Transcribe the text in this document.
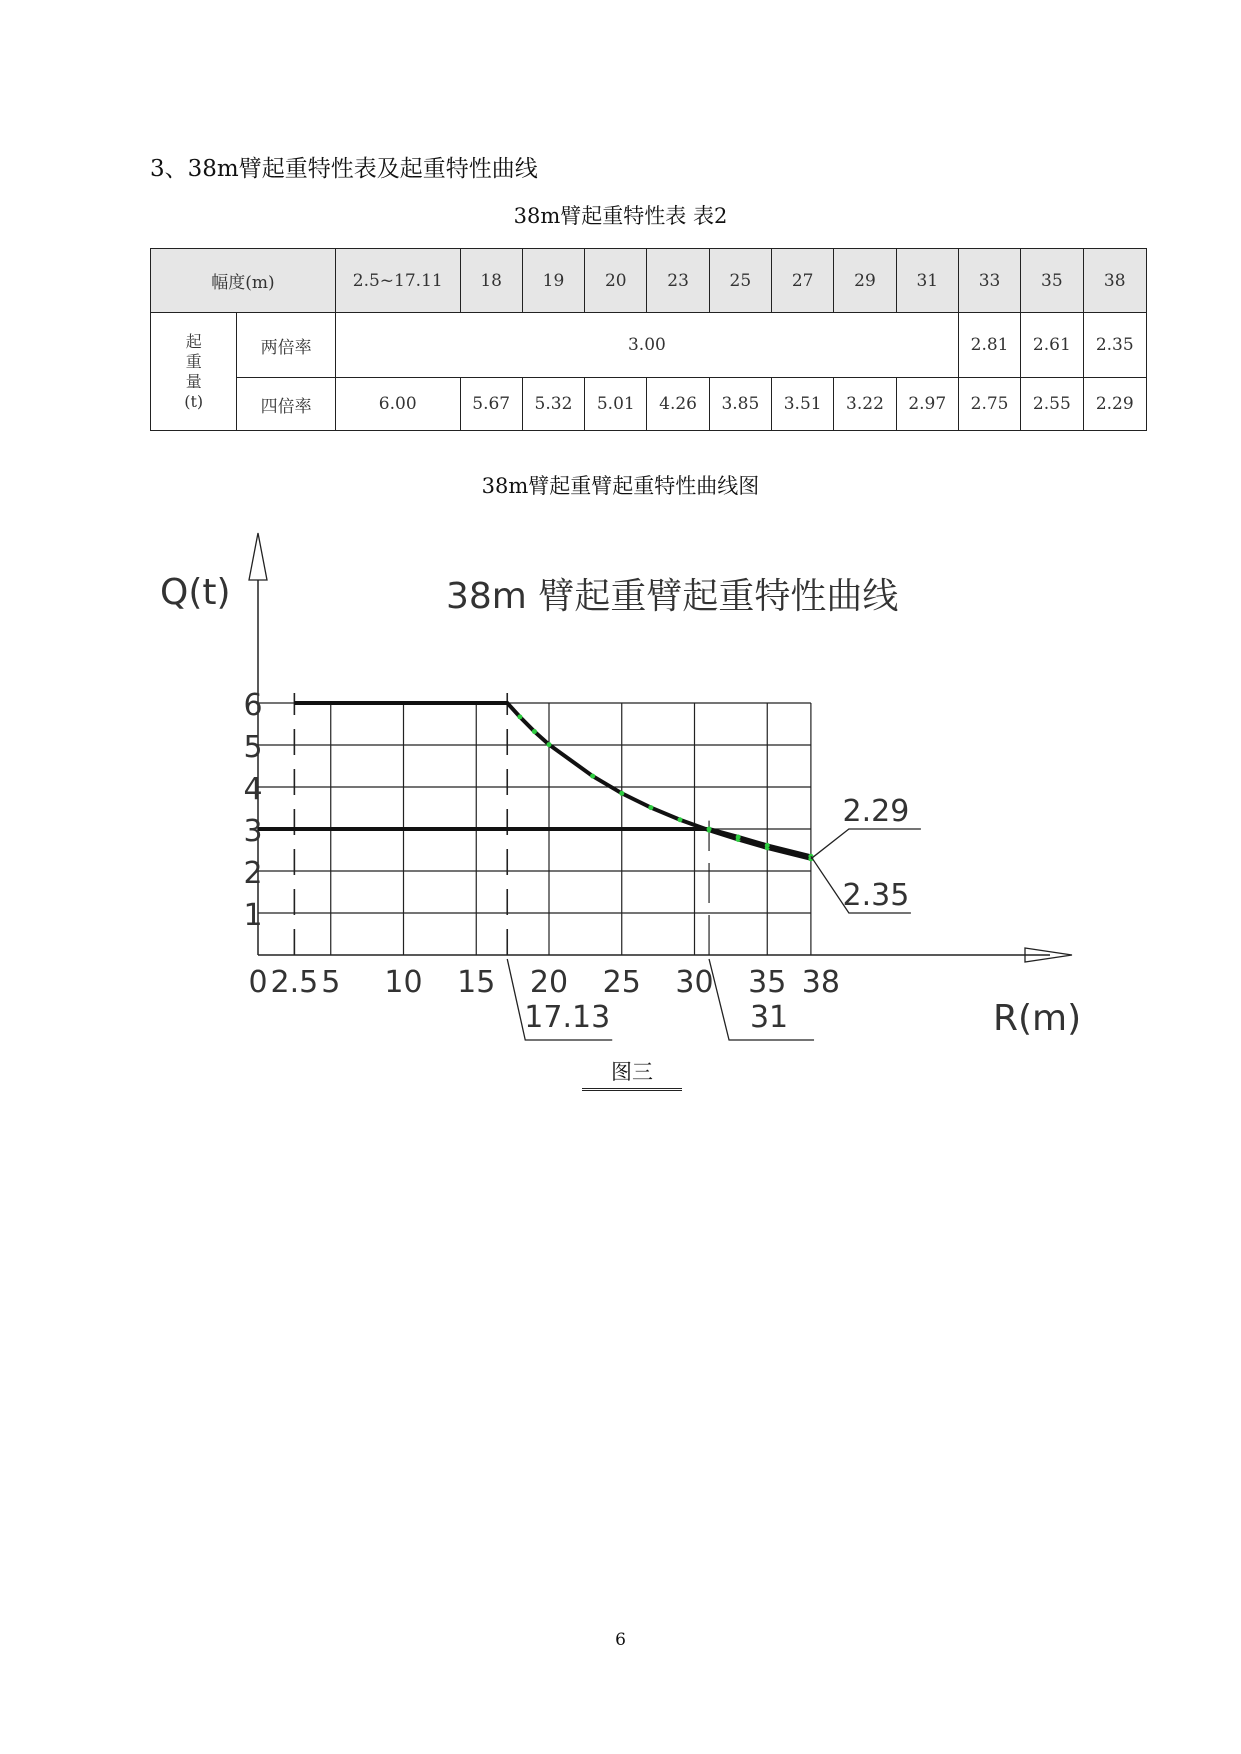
3、38m臂起重特性表及起重特性曲线
38m臂起重特性表 表2
幅度(m)		2.5~17.11	18	19	20	23	25	27	29	31	33	35	38

起
重
量
(t)	两倍率	3.00									2.81	2.61	2.35
	四倍率	6.00	5.67	5.32	5.01	4.26	3.85	3.51	3.22	2.97	2.75	2.55	2.29
38m臂起重臂起重特性曲线图
Q(t)	38m 臂起重臂起重特性曲线
R(m)
0 2.5 5 10 15 20 25 30 35 38
1
2
3
4
5
6
17.13	31
2.29
2.35
图三
6
